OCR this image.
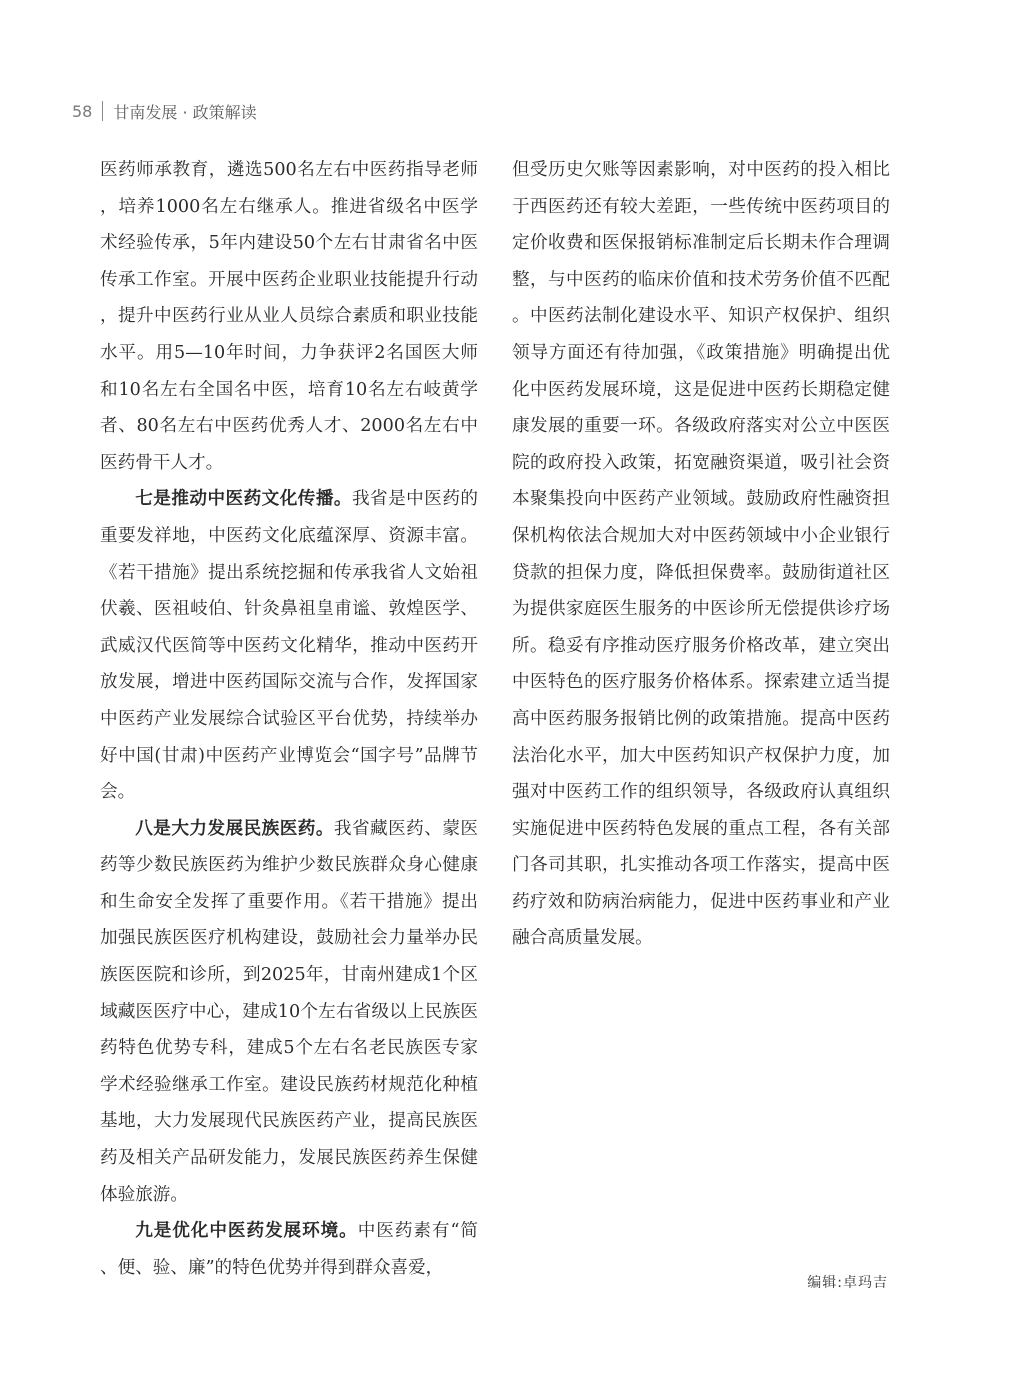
58 甘南发展 · 政策解读

医药师承教育，遴选500名左右中医药指导老师，培养1000名左右继承人。推进省级名中医学术经验传承，5年内建设50个左右甘肃省名中医传承工作室。开展中医药企业职业技能提升行动，提升中医药行业从业人员综合素质和职业技能水平。用5—10年时间，力争获评2名国医大师和10名左右全国名中医，培育10名左右岐黄学者、80名左右中医药优秀人才、2000名左右中医药骨干人才。

七是推动中医药文化传播。我省是中医药的重要发祥地，中医药文化底蕴深厚、资源丰富。《若干措施》提出系统挖掘和传承我省人文始祖伏羲、医祖岐伯、针灸鼻祖皇甫谧、敦煌医学、武威汉代医简等中医药文化精华，推动中医药开放发展，增进中医药国际交流与合作，发挥国家中医药产业发展综合试验区平台优势，持续举办好中国(甘肃)中医药产业博览会“国字号”品牌节会。

八是大力发展民族医药。我省藏医药、蒙医药等少数民族医药为维护少数民族群众身心健康和生命安全发挥了重要作用。《若干措施》提出加强民族医医疗机构建设，鼓励社会力量举办民族医医院和诊所，到2025年，甘南州建成1个区域藏医医疗中心，建成10个左右省级以上民族医药特色优势专科，建成5个左右名老民族医专家学术经验继承工作室。建设民族药材规范化种植基地，大力发展现代民族医药产业，提高民族医药及相关产品研发能力，发展民族医药养生保健体验旅游。

九是优化中医药发展环境。中医药素有“简、便、验、廉”的特色优势并得到群众喜爱，

但受历史欠账等因素影响，对中医药的投入相比于西医药还有较大差距，一些传统中医药项目的定价收费和医保报销标准制定后长期未作合理调整，与中医药的临床价值和技术劳务价值不匹配。中医药法制化建设水平、知识产权保护、组织领导方面还有待加强，《政策措施》明确提出优化中医药发展环境，这是促进中医药长期稳定健康发展的重要一环。各级政府落实对公立中医医院的政府投入政策，拓宽融资渠道，吸引社会资本聚集投向中医药产业领域。鼓励政府性融资担保机构依法合规加大对中医药领域中小企业银行贷款的担保力度，降低担保费率。鼓励街道社区为提供家庭医生服务的中医诊所无偿提供诊疗场所。稳妥有序推动医疗服务价格改革，建立突出中医特色的医疗服务价格体系。探索建立适当提高中医药服务报销比例的政策措施。提高中医药法治化水平，加大中医药知识产权保护力度，加强对中医药工作的组织领导，各级政府认真组织实施促进中医药特色发展的重点工程，各有关部门各司其职，扎实推动各项工作落实，提高中医药疗效和防病治病能力，促进中医药事业和产业融合高质量发展。

编辑:卓玛吉
